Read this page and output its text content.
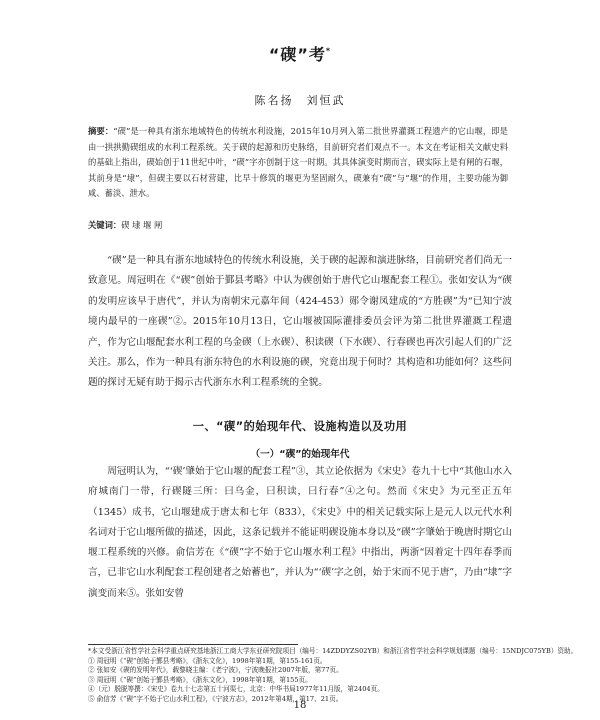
“碶”考*
陈名扬　刘恒武
摘要：“碶”是一种具有浙东地域特色的传统水利设施，2015年10月列入第二批世界灌溉工程遗产的它山堰，即是由一拱拱勤碶组成的水利工程系统。关于碶的起源和历史脉络，目前研究者们观点不一。本文在考证相关文献史料的基础上指出，碶始创于11世纪中叶，“碶”字亦创制于这一时期。其具体演变时期而言，碶实际上是有闸的石堰，其前身是“埭”，但碶主要以石材营建，比早十修筑的堰更为坚固耐久，碶兼有“碶”与“堰”的作用，主要功能为御咸、蓄淡、泄水。
关键词：碶 埭 堰 闸
“碶”是一种具有浙东地域特色的传统水利设施，关于碶的起源和演进脉络，目前研究者们尚无一致意见。周冠明在《“碶”创始于鄞县考略》中认为碶创始于唐代它山堰配套工程①。张如安认为“碶的发明应该早于唐代”，并认为南朝宋元嘉年间（424-453）郧令谢凤建成的“方胜碶”为“已知宁波境内最早的一座碶”②。2015年10月13日，它山堰被国际灌排委员会评为第二批世界灌溉工程遗产，作为它山堰配套水利工程的乌金碶（上水碶）、积读碶（下水碶）、行春碶也再次引起人们的广泛关注。那么，作为一种具有浙东特色的水利设施的碶，究竟出现于何时？其构造和功能如何？这些问题的探讨无疑有助于揭示古代浙东水利工程系统的全貌。
一、“碶”的始现年代、设施构造以及功用
（一）“碶”的始现年代
周冠明认为，“‘碶’肇始于它山堰的配套工程”③，其立论依据为《宋史》卷九十七中“其他山水入府城南门一带，行碶隧三所：曰乌金，曰积读，曰行春”④之句。然而《宋史》为元至正五年（1345）成书，它山堰建成于唐太和七年（833），《宋史》中的相关记载实际上是元人以元代水利名词对于它山堰所做的描述，因此，这条记载并不能证明碶设施本身以及“碶”字肇始于晚唐时期它山堰工程系统的兴修。俞信芳在《“碶”字不始于它山堰水利工程》中指出，两浙“因着定十四年春季而言，已非它山水利配套工程创建者之始蓄也”，并认为“‘碶’字之创，始于宋而不见于唐”，乃由“埭”字演变而来⑤。张如安曾
*本文受浙江省哲学社会科学重点研究基地浙江工商大学东亚研究院项目（编号：14ZDDYZS02YB）和浙江省哲学社会科学规划课题（编号：15NDJC075YB）资助。
① 周冠明《“碶”创始于鄞县考略》，《浙东文化》，1998年第1期，第155-161页。
② 张如安《碶的发明年代》，载黎晓主编：《老宁波》，宁波晚报社2007年版，第77页。
③ 周冠明《“碶”创始于鄞县考略》，《浙东文化》，1998年第1期，第155页。
④（元）脱脱等撰：《宋史》卷九十七志第五十河渠七，北京：中华书局1977年11月版，第2404页。
⑤ 俞信芳《“碶”字不始于它山水利工程》，《宁波方志》，2012年第4期，第17、21页。
18
